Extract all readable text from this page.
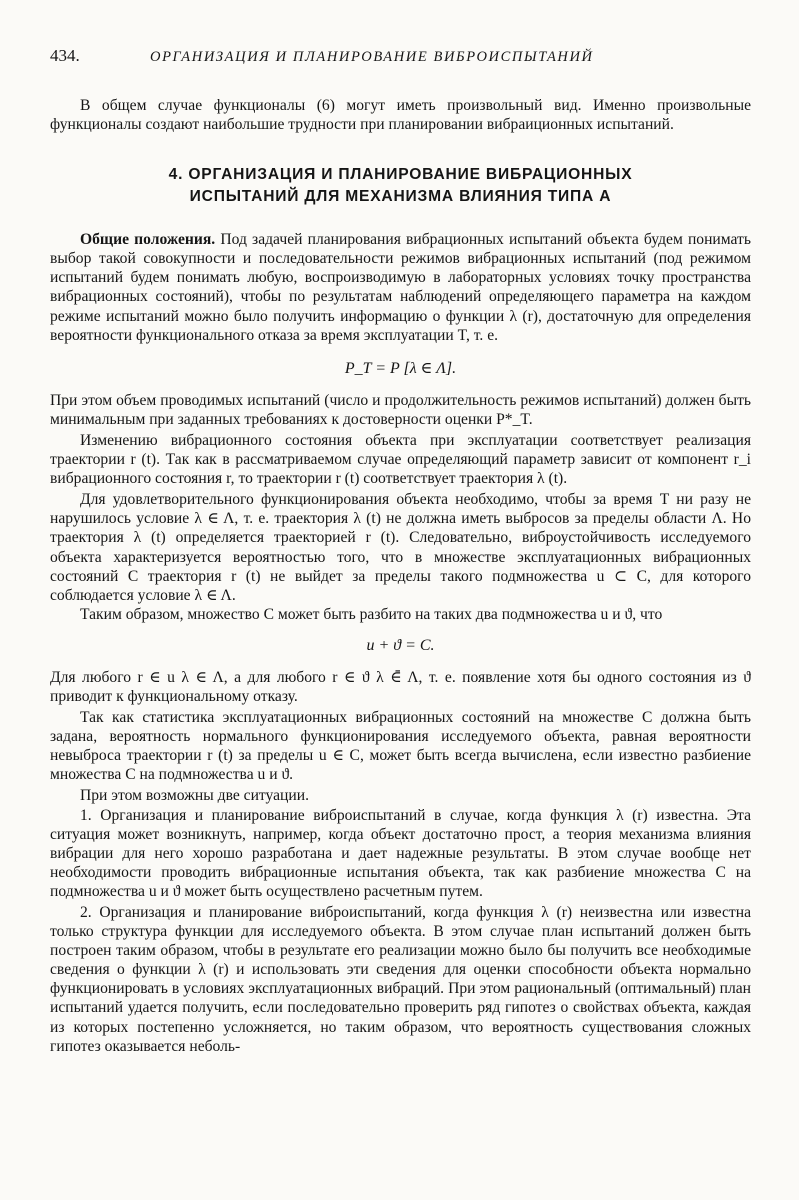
434.	ОРГАНИЗАЦИЯ И ПЛАНИРОВАНИЕ ВИБРОИСПЫТАНИЙ

В общем случае функционалы (6) могут иметь произвольный вид. Именно произвольные функционалы создают наибольшие трудности при планировании вибраиционных испытаний.

4. ОРГАНИЗАЦИЯ И ПЛАНИРОВАНИЕ ВИБРАЦИОННЫХ
ИСПЫТАНИЙ ДЛЯ МЕХАНИЗМА ВЛИЯНИЯ ТИПА А

Общие положения. Под задачей планирования вибрационных испытаний объекта будем понимать выбор такой совокупности и последовательности режимов вибрационных испытаний (под режимом испытаний будем понимать любую, воспроизводимую в лабораторных условиях точку пространства вибрационных состояний), чтобы по результатам наблюдений определяющего параметра на каждом режиме испытаний можно было получить информацию о функции λ (r), достаточную для определения вероятности функционального отказа за время эксплуатации T, т. е.

P_T = P [λ ∈ Λ].

При этом объем проводимых испытаний (число и продолжительность режимов испытаний) должен быть минимальным при заданных требованиях к достоверности оценки P*_T.

Изменению вибрационного состояния объекта при эксплуатации соответствует реализация траектории r (t). Так как в рассматриваемом случае определяющий параметр зависит от компонент r_i вибрационного состояния r, то траектории r (t) соответствует траектория λ (t).

Для удовлетворительного функционирования объекта необходимо, чтобы за время T ни разу не нарушилось условие λ ∈ Λ, т. е. траектория λ (t) не должна иметь выбросов за пределы области Λ. Но траектория λ (t) определяется траекторией r (t). Следовательно, виброустойчивость исследуемого объекта характеризуется вероятностью того, что в множестве эксплуатационных вибрационных состояний C траектория r (t) не выйдет за пределы такого подмножества u ⊂ C, для которого соблюдается условие λ ∈ Λ.

Таким образом, множество C может быть разбито на таких два подмножества u и ϑ, что

u + ϑ = C.

Для любого r ∈ u λ ∈ Λ, а для любого r ∈ ϑ λ ∈̄ Λ, т. е. появление хотя бы одного состояния из ϑ приводит к функциональному отказу.

Так как статистика эксплуатационных вибрационных состояний на множестве C должна быть задана, вероятность нормального функционирования исследуемого объекта, равная вероятности невыброса траектории r (t) за пределы u ∈ C, может быть всегда вычислена, если известно разбиение множества C на подмножества u и ϑ.

При этом возможны две ситуации.

1. Организация и планирование виброиспытаний в случае, когда функция λ (r) известна. Эта ситуация может возникнуть, например, когда объект достаточно прост, а теория механизма влияния вибрации для него хорошо разработана и дает надежные результаты. В этом случае вообще нет необходимости проводить вибрационные испытания объекта, так как разбиение множества C на подмножества u и ϑ может быть осуществлено расчетным путем.

2. Организация и планирование виброиспытаний, когда функция λ (r) неизвестна или известна только структура функции для исследуемого объекта. В этом случае план испытаний должен быть построен таким образом, чтобы в результате его реализации можно было бы получить все необходимые сведения о функции λ (r) и использовать эти сведения для оценки способности объекта нормально функционировать в условиях эксплуатационных вибраций. При этом рациональный (оптимальный) план испытаний удается получить, если последовательно проверить ряд гипотез о свойствах объекта, каждая из которых постепенно усложняется, но таким образом, что вероятность существования сложных гипотез оказывается неболь-
